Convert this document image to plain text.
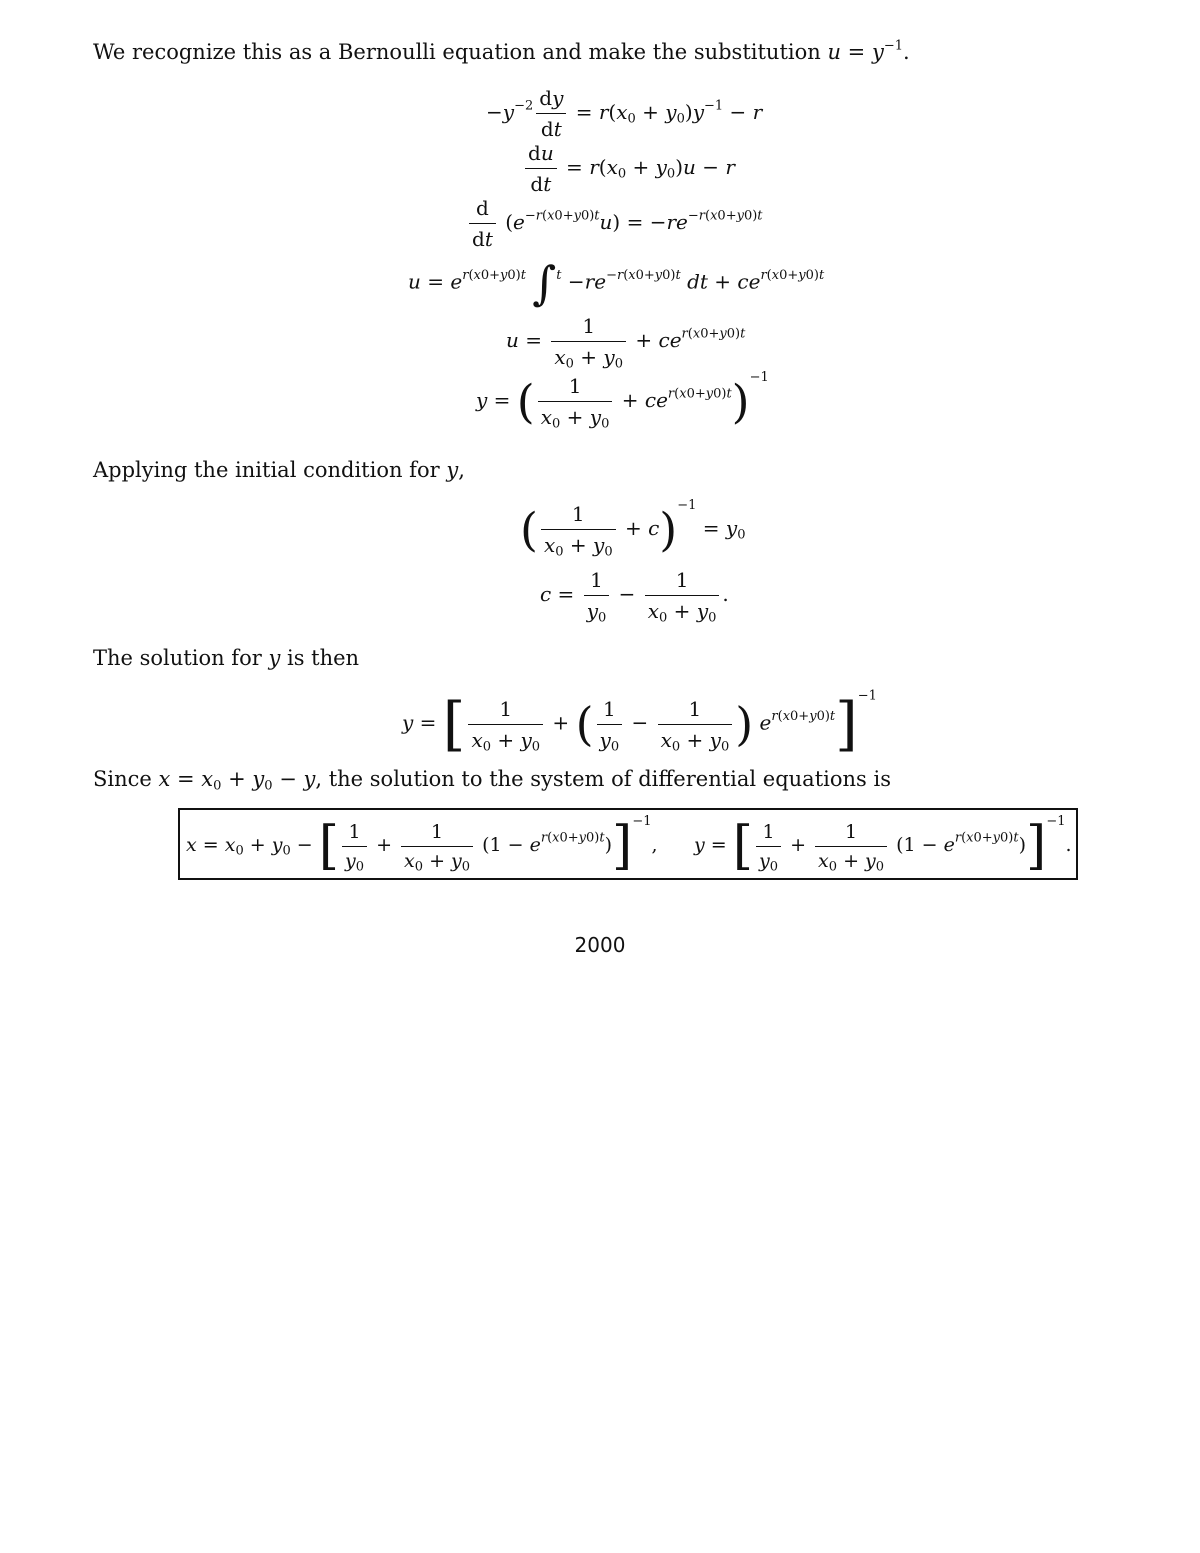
We recognize this as a Bernoulli equation and make the substitution $u = y^{-1}$.
$-y^{-2} \frac{dy}{dt} = r(x_0 + y_0)y^{-1} - r$
$\frac{du}{dt} = r(x_0 + y_0)u - r$
$\frac{d}{dt} (e^{-r(x0+y0)t}u) = -re^{-r(x0+y0)t}$
$u = e^{r(x0+y0)t}$ $\int^t -re^{-r(x0+y0)t}$ dt + $ce^{r(x0+y0)t}$
$u = \frac{1}{x_0 + y_0} + ce^{r(x0+y0)t}$
y = ( $\frac{1}{x_0 + y_0} + ce^{r(x0+y0)t})^{-1}$
Applying the initial condition for y,
( $\frac{1}{x_0 + y_0} + c)^{-1} = y_0$
$c = \frac{1}{y_0} - \frac{1}{x_0 + y_0}$ .
The solution for y is then
y = [ $\frac{1}{x_0 + y_0}$ + ( $\frac{1}{y_0} - \frac{1}{x_0 + y_0}$ ) $e^{r(x0+y0)t}]^{-1}$
Since $x = x_0 + y_0 - y$, the solution to the system of differential equations is
$x = x_0 + y_0$ − [ $\frac{1}{y_0} + \frac{1}{x_0 + y_0} (1 - e^{r(x0+y0)t})]^{-1}$, y = [ $\frac{1}{y_0} + \frac{1}{x_0 + y_0} (1 - e^{r(x0+y0)t})]^{-1}$.
2000
